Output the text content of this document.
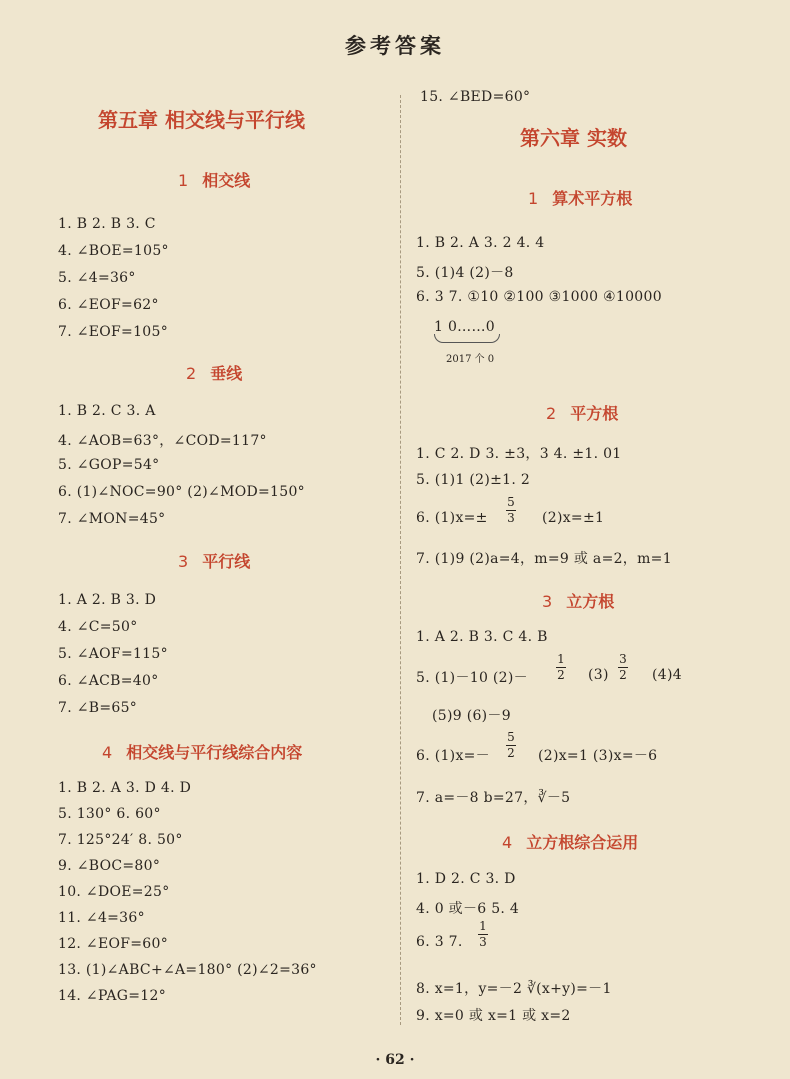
参考答案
第五章 相交线与平行线
1 相交线
1. B 2. B 3. C
4. ∠BOE=105°
5. ∠4=36°
6. ∠EOF=62°
7. ∠EOF=105°
2 垂线
1. B 2. C 3. A
4. ∠AOB=63°，∠COD=117°
5. ∠GOP=54°
6. (1)∠NOC=90° (2)∠MOD=150°
7. ∠MON=45°
3 平行线
1. A 2. B 3. D
4. ∠C=50°
5. ∠AOF=115°
6. ∠ACB=40°
7. ∠B=65°
4 相交线与平行线综合内容
1. B 2. A 3. D 4. D
5. 130° 6. 60°
7. 125°24′ 8. 50°
9. ∠BOC=80°
10. ∠DOE=25°
11. ∠4=36°
12. ∠EOF=60°
13. (1)∠ABC+∠A=180° (2)∠2=36°
14. ∠PAG=12°
15. ∠BED=60°
第六章 实数
1 算术平方根
1. B 2. A 3. 2 4. 4
5. (1)4 (2)－8
6. 3 7. ①10 ②100 ③1000 ④10000
1 0……0
2017 个 0
2 平方根
1. C 2. D 3. ±3，3 4. ±1. 01
5. (1)1 (2)±1. 2
6. (1)x=±
5
3 (2)x=±1
7. (1)9 (2)a=4，m=9 或 a=2，m=1
3 立方根
1. A 2. B 3. C 4. B
5. (1)－10 (2)－
1
2 (3)
3
2 (4)4
(5)9 (6)－9
6. (1)x=－
5
2 (2)x=1 (3)x=－6
7. a=－8 b=27，∛－5
4 立方根综合运用
1. D 2. C 3. D
4. 0 或－6 5. 4
6. 3 7.
1
3
8. x=1，y=－2 ∛(x+y)=－1
9. x=0 或 x=1 或 x=2
· 62 ·
